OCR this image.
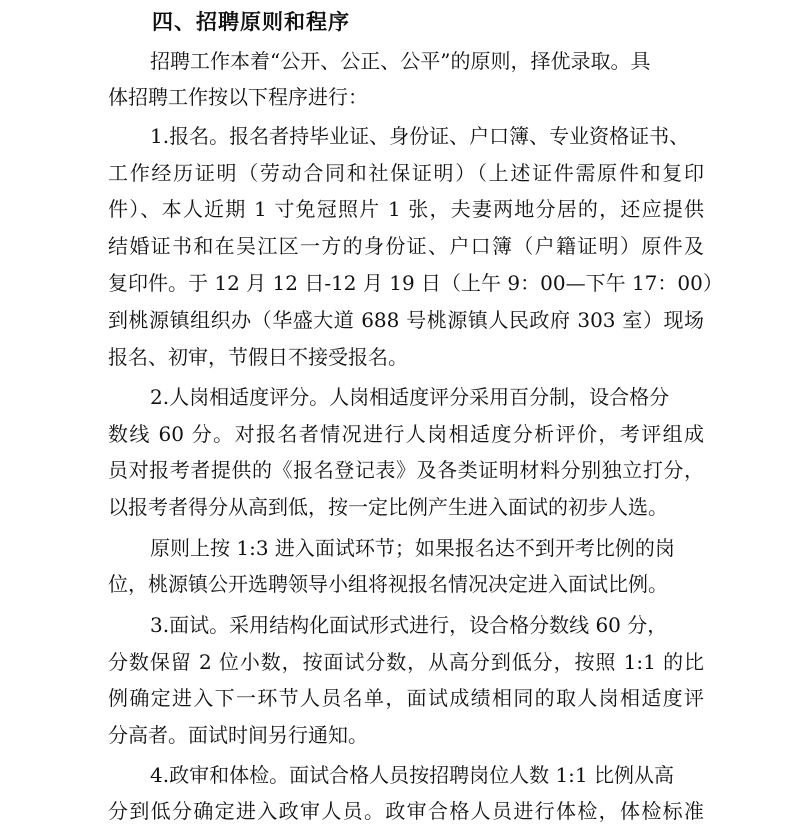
四、招聘原则和程序
招聘工作本着“公开、公正、公平”的原则，择优录取。具
体招聘工作按以下程序进行：
1.报名。报名者持毕业证、身份证、户口簿、专业资格证书、
工作经历证明（劳动合同和社保证明）（上述证件需原件和复印
件）、本人近期 1 寸免冠照片 1 张，夫妻两地分居的，还应提供
结婚证书和在吴江区一方的身份证、户口簿（户籍证明）原件及
复印件。于 12 月 12 日-12 月 19 日（上午 9：00—下午 17：00）
到桃源镇组织办（华盛大道 688 号桃源镇人民政府 303 室）现场
报名、初审，节假日不接受报名。
2.人岗相适度评分。人岗相适度评分采用百分制，设合格分
数线 60 分。对报名者情况进行人岗相适度分析评价，考评组成
员对报考者提供的《报名登记表》及各类证明材料分别独立打分，
以报考者得分从高到低，按一定比例产生进入面试的初步人选。
原则上按 1:3 进入面试环节；如果报名达不到开考比例的岗
位，桃源镇公开选聘领导小组将视报名情况决定进入面试比例。
3.面试。采用结构化面试形式进行，设合格分数线 60 分，
分数保留 2 位小数，按面试分数，从高分到低分，按照 1:1 的比
例确定进入下一环节人员名单，面试成绩相同的取人岗相适度评
分高者。面试时间另行通知。
4.政审和体检。面试合格人员按招聘岗位人数 1:1 比例从高
分到低分确定进入政审人员。政审合格人员进行体检，体检标准
